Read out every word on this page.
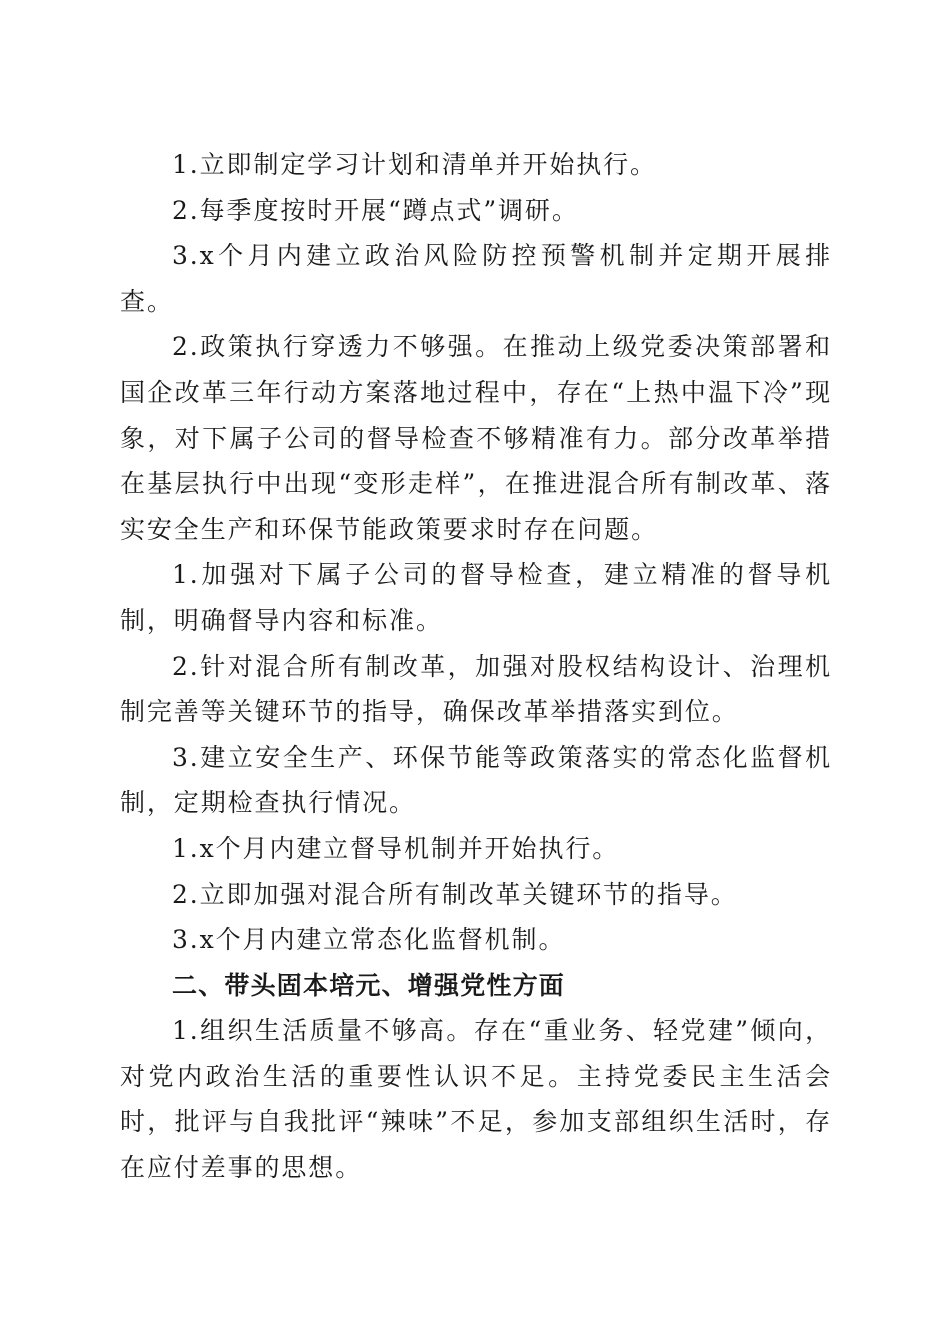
1.立即制定学习计划和清单并开始执行。

2.每季度按时开展“蹲点式”调研。

3.x个月内建立政治风险防控预警机制并定期开展排查。

2.政策执行穿透力不够强。在推动上级党委决策部署和国企改革三年行动方案落地过程中，存在“上热中温下冷”现象，对下属子公司的督导检查不够精准有力。部分改革举措在基层执行中出现“变形走样”，在推进混合所有制改革、落实安全生产和环保节能政策要求时存在问题。

1.加强对下属子公司的督导检查，建立精准的督导机制，明确督导内容和标准。

2.针对混合所有制改革，加强对股权结构设计、治理机制完善等关键环节的指导，确保改革举措落实到位。

3.建立安全生产、环保节能等政策落实的常态化监督机制，定期检查执行情况。

1.x个月内建立督导机制并开始执行。

2.立即加强对混合所有制改革关键环节的指导。

3.x个月内建立常态化监督机制。

二、带头固本培元、增强党性方面

1.组织生活质量不够高。存在“重业务、轻党建”倾向，对党内政治生活的重要性认识不足。主持党委民主生活会时，批评与自我批评“辣味”不足，参加支部组织生活时，存在应付差事的思想。
